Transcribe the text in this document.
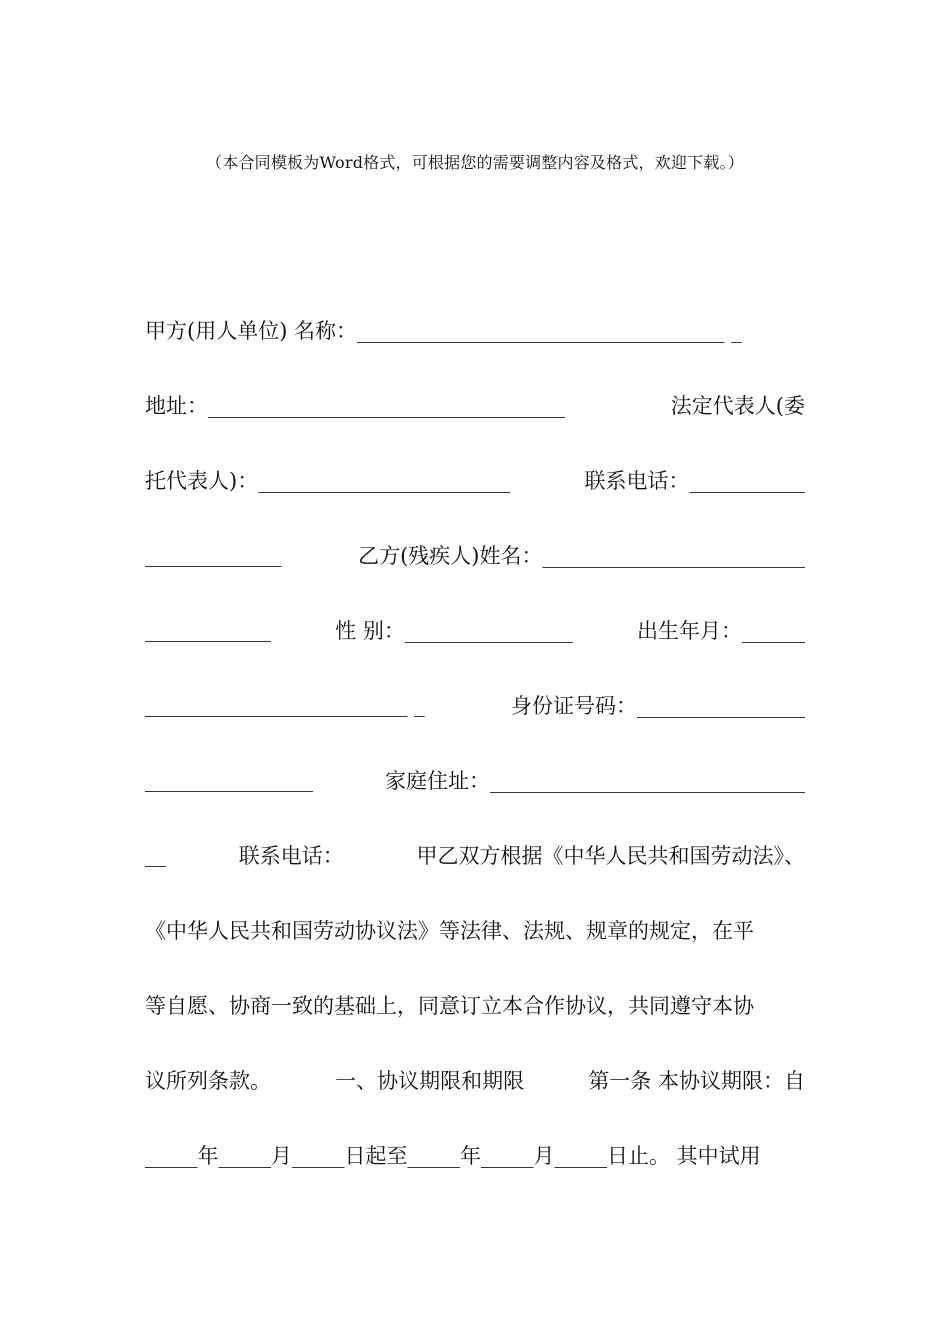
（本合同模板为Word格式，可根据您的需要调整内容及格式，欢迎下载。）
甲方(用人单位) 名称：___________________________________ _
地址：__________________________________	法定代表人(委
托代表人)：________________________	联系电话：___________
_____________	乙方(残疾人)姓名：_________________________
____________	性 别：________________	出生年月：______
_________________________ _	身份证号码：________________
________________	家庭住址：______________________________
__	联系电话：	甲乙双方根据《中华人民共和国劳动法》、
《中华人民共和国劳动协议法》等法律、法规、规章的规定，在平
等自愿、协商一致的基础上，同意订立本合作协议，共同遵守本协
议所列条款。	一、协议期限和期限	第一条 本协议期限：自
_____年_____月_____日起至_____年_____月_____日止。 其中试用
